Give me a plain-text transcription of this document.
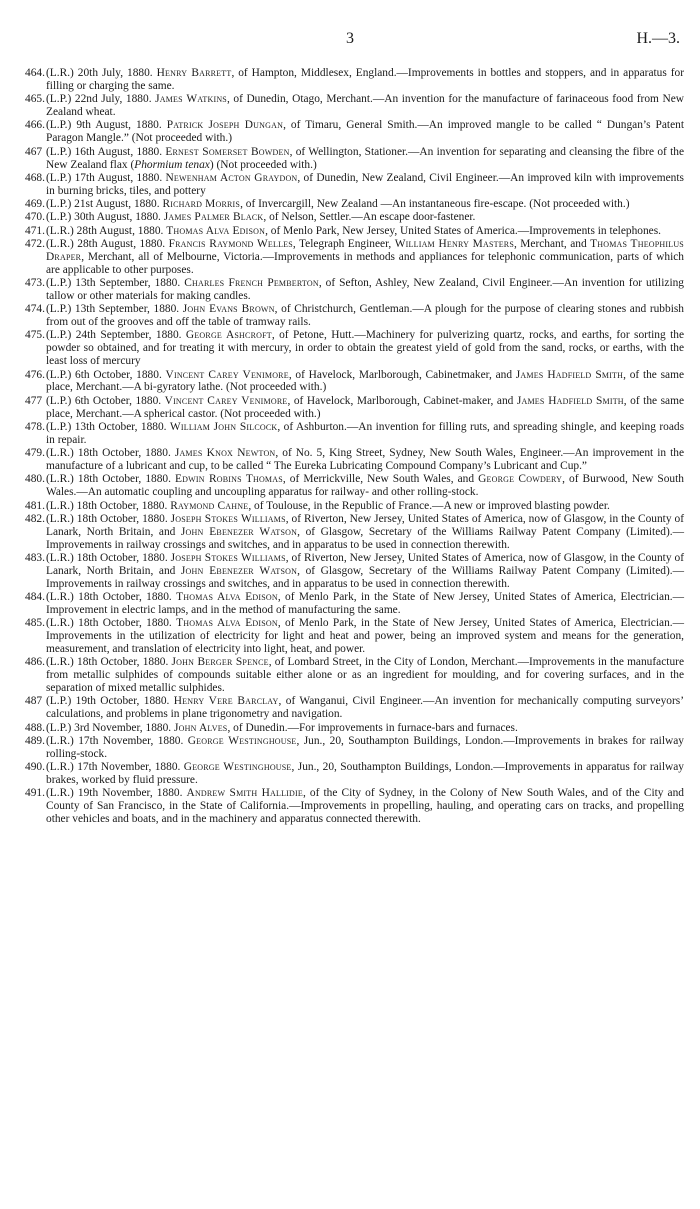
3	H.—3.

464. (L.R.) 20th July, 1880. Henry Barrett, of Hampton, Middlesex, England.—Improvements in bottles and stoppers, and in apparatus for filling or charging the same.

465. (L.P.) 22nd July, 1880. James Watkins, of Dunedin, Otago, Merchant.—An invention for the manufacture of farinaceous food from New Zealand wheat.

466. (L.P.) 9th August, 1880. Patrick Joseph Dungan, of Timaru, General Smith.—An improved mangle to be called “ Dungan’s Patent Paragon Mangle.” (Not proceeded with.)

467 (L.P.) 16th August, 1880. Ernest Somerset Bowden, of Wellington, Stationer.—An invention for separating and cleansing the fibre of the New Zealand flax (Phormium tenax) (Not proceeded with.)

468. (L.P.) 17th August, 1880. Newenham Acton Graydon, of Dunedin, New Zealand, Civil Engineer.—An improved kiln with improvements in burning bricks, tiles, and pottery

469. (L.P.) 21st August, 1880. Richard Morris, of Invercargill, New Zealand —An instantaneous fire-escape. (Not proceeded with.)

470. (L.P.) 30th August, 1880. James Palmer Black, of Nelson, Settler.—An escape door-fastener.

471. (L.R.) 28th August, 1880. Thomas Alva Edison, of Menlo Park, New Jersey, United States of America.—Improvements in telephones.

472. (L.R.) 28th August, 1880. Francis Raymond Welles, Telegraph Engineer, William Henry Masters, Merchant, and Thomas Theophilus Draper, Merchant, all of Melbourne, Victoria.—Improvements in methods and appliances for telephonic communication, parts of which are applicable to other purposes.

473. (L.P.) 13th September, 1880. Charles French Pemberton, of Sefton, Ashley, New Zealand, Civil Engineer.—An invention for utilizing tallow or other materials for making candles.

474. (L.P.) 13th September, 1880. John Evans Brown, of Christchurch, Gentleman.—A plough for the purpose of clearing stones and rubbish from out of the grooves and off the table of tramway rails.

475. (L.P.) 24th September, 1880. George Ashcroft, of Petone, Hutt.—Machinery for pulverizing quartz, rocks, and earths, for sorting the powder so obtained, and for treating it with mercury, in order to obtain the greatest yield of gold from the sand, rocks, or earths, with the least loss of mercury

476. (L.P.) 6th October, 1880. Vincent Carey Venimore, of Havelock, Marlborough, Cabinetmaker, and James Hadfield Smith, of the same place, Merchant.—A bi-gyratory lathe. (Not proceeded with.)

477 (L.P.) 6th October, 1880. Vincent Carey Venimore, of Havelock, Marlborough, Cabinet-maker, and James Hadfield Smith, of the same place, Merchant.—A spherical castor. (Not proceeded with.)

478. (L.P.) 13th October, 1880. William John Silcock, of Ashburton.—An invention for filling ruts, and spreading shingle, and keeping roads in repair.

479. (L.R.) 18th October, 1880. James Knox Newton, of No. 5, King Street, Sydney, New South Wales, Engineer.—An improvement in the manufacture of a lubricant and cup, to be called “ The Eureka Lubricating Compound Company’s Lubricant and Cup.”

480. (L.R.) 18th October, 1880. Edwin Robins Thomas, of Merrickville, New South Wales, and George Cowdery, of Burwood, New South Wales.—An automatic coupling and uncoupling apparatus for railway- and other rolling-stock.

481. (L.R.) 18th October, 1880. Raymond Cahne, of Toulouse, in the Republic of France.—A new or improved blasting powder.

482. (L.R.) 18th October, 1880. Joseph Stokes Williams, of Riverton, New Jersey, United States of America, now of Glasgow, in the County of Lanark, North Britain, and John Ebenezer Watson, of Glasgow, Secretary of the Williams Railway Patent Company (Limited).—Improvements in railway crossings and switches, and in apparatus to be used in connection therewith.

483. (L.R.) 18th October, 1880. Joseph Stokes Williams, of Riverton, New Jersey, United States of America, now of Glasgow, in the County of Lanark, North Britain, and John Ebenezer Watson, of Glasgow, Secretary of the Williams Railway Patent Company (Limited).—Improvements in railway crossings and switches, and in apparatus to be used in connection therewith.

484. (L.R.) 18th October, 1880. Thomas Alva Edison, of Menlo Park, in the State of New Jersey, United States of America, Electrician.—Improvement in electric lamps, and in the method of manufacturing the same.

485. (L.R.) 18th October, 1880. Thomas Alva Edison, of Menlo Park, in the State of New Jersey, United States of America, Electrician.—Improvements in the utilization of electricity for light and heat and power, being an improved system and means for the generation, measurement, and translation of electricity into light, heat, and power.

486. (L.R.) 18th October, 1880. John Berger Spence, of Lombard Street, in the City of London, Merchant.—Improvements in the manufacture from metallic sulphides of compounds suitable either alone or as an ingredient for moulding, and for covering surfaces, and in the separation of mixed metallic sulphides.

487 (L.P.) 19th October, 1880. Henry Vere Barclay, of Wanganui, Civil Engineer.—An invention for mechanically computing surveyors’ calculations, and problems in plane trigonometry and navigation.

488. (L.P.) 3rd November, 1880. John Alves, of Dunedin.—For improvements in furnace-bars and furnaces.

489. (L.R.) 17th November, 1880. George Westinghouse, Jun., 20, Southampton Buildings, London.—Improvements in brakes for railway rolling-stock.

490. (L.R.) 17th November, 1880. George Westinghouse, Jun., 20, Southampton Buildings, London.—Improvements in apparatus for railway brakes, worked by fluid pressure.

491. (L.R.) 19th November, 1880. Andrew Smith Hallidie, of the City of Sydney, in the Colony of New South Wales, and of the City and County of San Francisco, in the State of California.—Improvements in propelling, hauling, and operating cars on tracks, and propelling other vehicles and boats, and in the machinery and apparatus connected therewith.
